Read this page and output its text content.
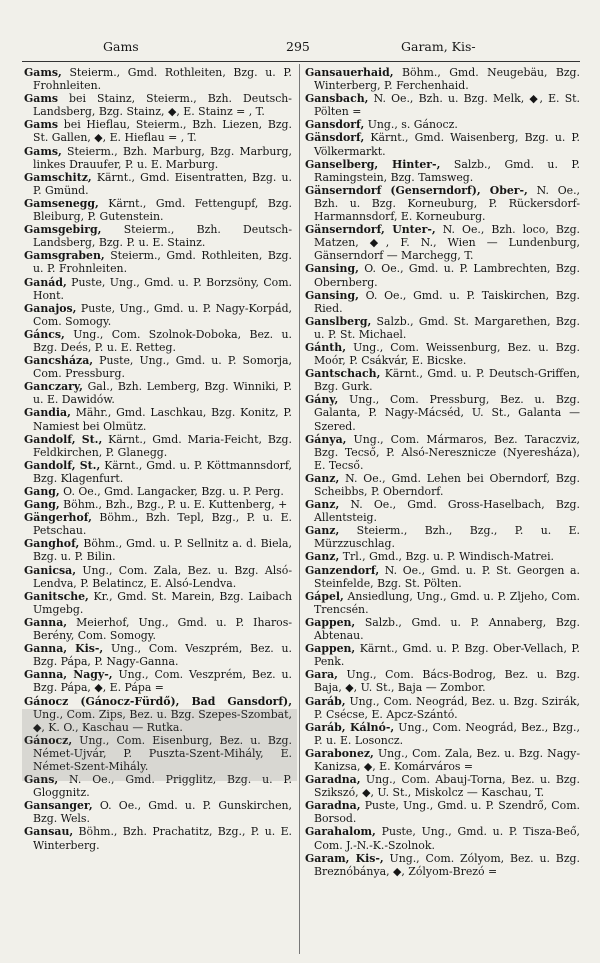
Gams	295	Garam, Kis-

Gams, Steierm., Gmd. Rothleiten, Bzg. u. P. Frohnleiten.

Gams bei Stainz, Steierm., Bzh. Deutsch-Landsberg, Bzg. Stainz, ◆, E. Stainz = , T.

Gams bei Hieflau, Steierm., Bzh. Liezen, Bzg. St. Gallen, ◆, E. Hieflau = , T.

Gams, Steierm., Bzh. Marburg, Bzg. Marburg, linkes Drauufer, P. u. E. Marburg.

Gamschitz, Kärnt., Gmd. Eisentratten, Bzg. u. P. Gmünd.

Gamsenegg, Kärnt., Gmd. Fettengupf, Bzg. Bleiburg, P. Gutenstein.

Gamsgebirg, Steierm., Bzh. Deutsch-Landsberg, Bzg. P. u. E. Stainz.

Gamsgraben, Steierm., Gmd. Rothleiten, Bzg. u. P. Frohnleiten.

Ganád, Puste, Ung., Gmd. u. P. Borzsöny, Com. Hont.

Ganajos, Puste, Ung., Gmd. u. P. Nagy-Korpád, Com. Somogy.

Gáncs, Ung., Com. Szolnok-Doboka, Bez. u. Bzg. Deés, P. u. E. Retteg.

Gancsháza, Puste, Ung., Gmd. u. P. Somorja, Com. Pressburg.

Ganczary, Gal., Bzh. Lemberg, Bzg. Winniki, P. u. E. Dawidów.

Gandia, Mähr., Gmd. Laschkau, Bzg. Konitz, P. Namiest bei Olmütz.

Gandolf, St., Kärnt., Gmd. Maria-Feicht, Bzg. Feldkirchen, P. Glanegg.

Gandolf, St., Kärnt., Gmd. u. P. Köttmannsdorf, Bzg. Klagenfurt.

Gang, O. Oe., Gmd. Langacker, Bzg. u. P. Perg.

Gang, Böhm., Bzh., Bzg., P. u. E. Kuttenberg, +

Gängerhof, Böhm., Bzh. Tepl, Bzg., P. u. E. Petschau.

Ganghof, Böhm., Gmd. u. P. Sellnitz a. d. Biela, Bzg. u. P. Bilin.

Ganicsa, Ung., Com. Zala, Bez. u. Bzg. Alsó-Lendva, P. Belatincz, E. Alsó-Lendva.

Ganitsche, Kr., Gmd. St. Marein, Bzg. Laibach Umgebg.

Ganna, Meierhof, Ung., Gmd. u. P. Iharos-Berény, Com. Somogy.

Ganna, Kis-, Ung., Com. Veszprém, Bez. u. Bzg. Pápa, P. Nagy-Ganna.

Ganna, Nagy-, Ung., Com. Veszprém, Bez. u. Bzg. Pápa, ◆, E. Pápa =

Gánocz (Gánocz-Fürdő), Bad Gansdorf), Ung., Com. Zips, Bez. u. Bzg. Szepes-Szombat, ◆, K. O., Kaschau — Rutka.

Gánocz, Ung., Com. Eisenburg, Bez. u. Bzg. Német-Ujvár, P. Puszta-Szent-Mihály, E. Német-Szent-Mihály.

Gans, N. Oe., Gmd. Prigglitz, Bzg. u. P. Gloggnitz.

Gansanger, O. Oe., Gmd. u. P. Gunskirchen, Bzg. Wels.

Gansau, Böhm., Bzh. Prachatitz, Bzg., P. u. E. Winterberg.

Gansauerhaid, Böhm., Gmd. Neugebäu, Bzg. Winterberg, P. Ferchenhaid.

Gansbach, N. Oe., Bzh. u. Bzg. Melk, ◆, E. St. Pölten =

Gansdorf, Ung., s. Gánocz.

Gänsdorf, Kärnt., Gmd. Waisenberg, Bzg. u. P. Völkermarkt.

Ganselberg, Hinter-, Salzb., Gmd. u. P. Ramingstein, Bzg. Tamsweg.

Gänserndorf (Genserndorf), Ober-, N. Oe., Bzh. u. Bzg. Korneuburg, P. Rückersdorf-Harmannsdorf, E. Korneuburg.

Gänserndorf, Unter-, N. Oe., Bzh. loco, Bzg. Matzen, ◆, F. N., Wien — Lundenburg, Gänserndorf — Marchegg, T.

Gansing, O. Oe., Gmd. u. P. Lambrechten, Bzg. Obernberg.

Gansing, O. Oe., Gmd. u. P. Taiskirchen, Bzg. Ried.

Ganslberg, Salzb., Gmd. St. Margarethen, Bzg. u. P. St. Michael.

Gánth, Ung., Com. Weissenburg, Bez. u. Bzg. Moór, P. Csákvár, E. Bicske.

Gantschach, Kärnt., Gmd. u. P. Deutsch-Griffen, Bzg. Gurk.

Gány, Ung., Com. Pressburg, Bez. u. Bzg. Galanta, P. Nagy-Mácséd, U. St., Galanta — Szered.

Gánya, Ung., Com. Mármaros, Bez. Taraczviz, Bzg. Tecső, P. Alsó-Neresznicze (Nyeresháza), E. Tecső.

Ganz, N. Oe., Gmd. Lehen bei Oberndorf, Bzg. Scheibbs, P. Oberndorf.

Ganz, N. Oe., Gmd. Gross-Haselbach, Bzg. Allentsteig.

Ganz, Steierm., Bzh., Bzg., P. u. E. Mürzzuschlag.

Ganz, Trl., Gmd., Bzg. u. P. Windisch-Matrei.

Ganzendorf, N. Oe., Gmd. u. P. St. Georgen a. Steinfelde, Bzg. St. Pölten.

Gápel, Ansiedlung, Ung., Gmd. u. P. Zljeho, Com. Trencsén.

Gappen, Salzb., Gmd. u. P. Annaberg, Bzg. Abtenau.

Gappen, Kärnt., Gmd. u. P. Bzg. Ober-Vellach, P. Penk.

Gara, Ung., Com. Bács-Bodrog, Bez. u. Bzg. Baja, ◆, U. St., Baja — Zombor.

Garáb, Ung., Com. Neográd, Bez. u. Bzg. Szirák, P. Csécse, E. Apcz-Szántó.

Garáb, Kálnó-, Ung., Com. Neográd, Bez., Bzg., P. u. E. Losoncz.

Garabonez, Ung., Com. Zala, Bez. u. Bzg. Nagy-Kanizsa, ◆, E. Komárváros =

Garadna, Ung., Com. Abauj-Torna, Bez. u. Bzg. Szikszó, ◆, U. St., Miskolcz — Kaschau, T.

Garadna, Puste, Ung., Gmd. u. P. Szendrő, Com. Borsod.

Garahalom, Puste, Ung., Gmd. u. P. Tisza-Beő, Com. J.-N.-K.-Szolnok.

Garam, Kis-, Ung., Com. Zólyom, Bez. u. Bzg. Breznóbánya, ◆, Zólyom-Brezó =
